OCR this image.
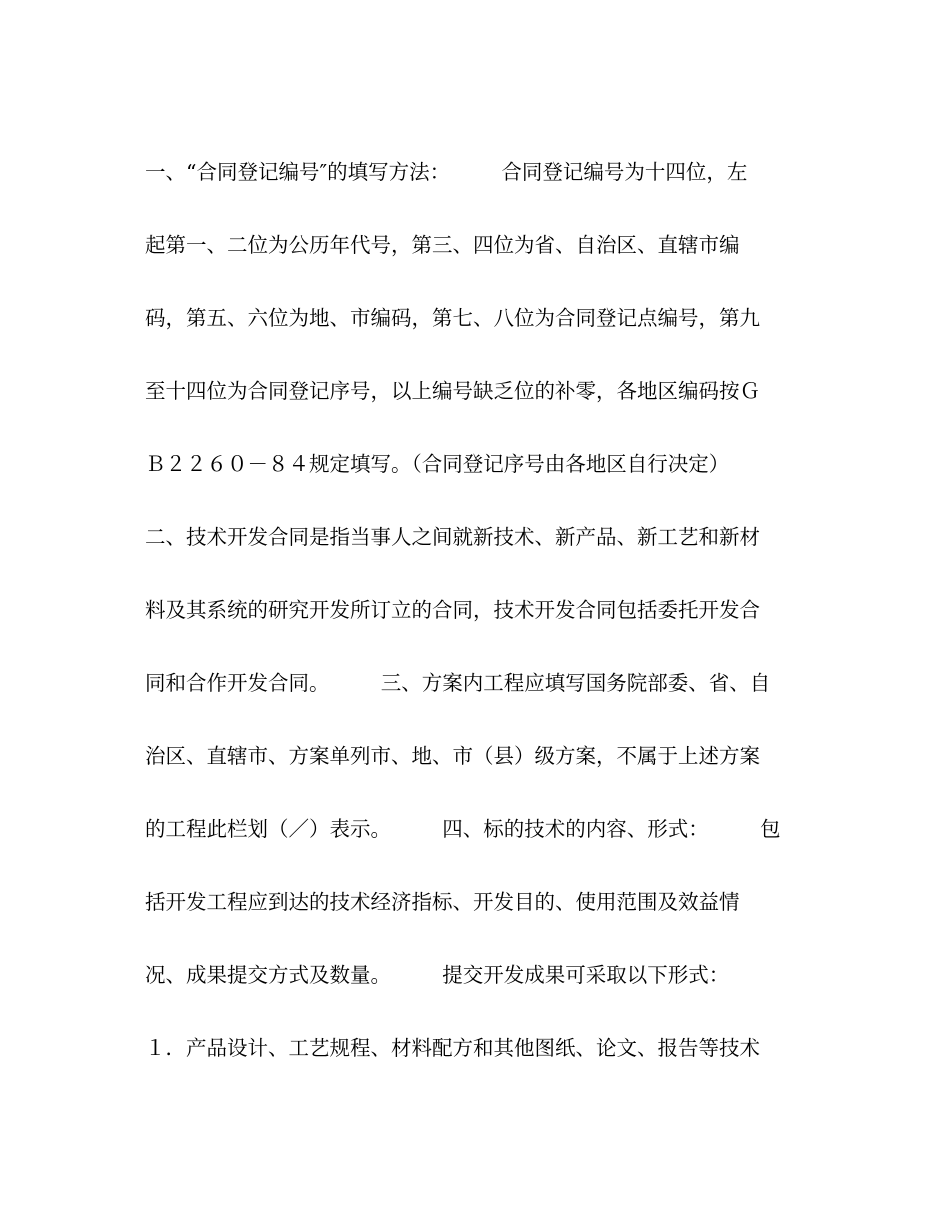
一、“合同登记编号″的填写方法：　　　合同登记编号为十四位，左
起第一、二位为公历年代号，第三、四位为省、自治区、直辖市编
码，第五、六位为地、市编码，第七、八位为合同登记点编号，第九
至十四位为合同登记序号，以上编号缺乏位的补零，各地区编码按Ｇ
Ｂ２２６０－８４规定填写。（合同登记序号由各地区自行决定）
二、技术开发合同是指当事人之间就新技术、新产品、新工艺和新材
料及其系统的研究开发所订立的合同，技术开发合同包括委托开发合
同和合作开发合同。　　　三、方案内工程应填写国务院部委、省、自
治区、直辖市、方案单列市、地、市（县）级方案，不属于上述方案
的工程此栏划（／）表示。　　　四、标的技术的内容、形式：　　　包
括开发工程应到达的技术经济指标、开发目的、使用范围及效益情
况、成果提交方式及数量。　　　提交开发成果可采取以下形式：
１．产品设计、工艺规程、材料配方和其他图纸、论文、报告等技术
